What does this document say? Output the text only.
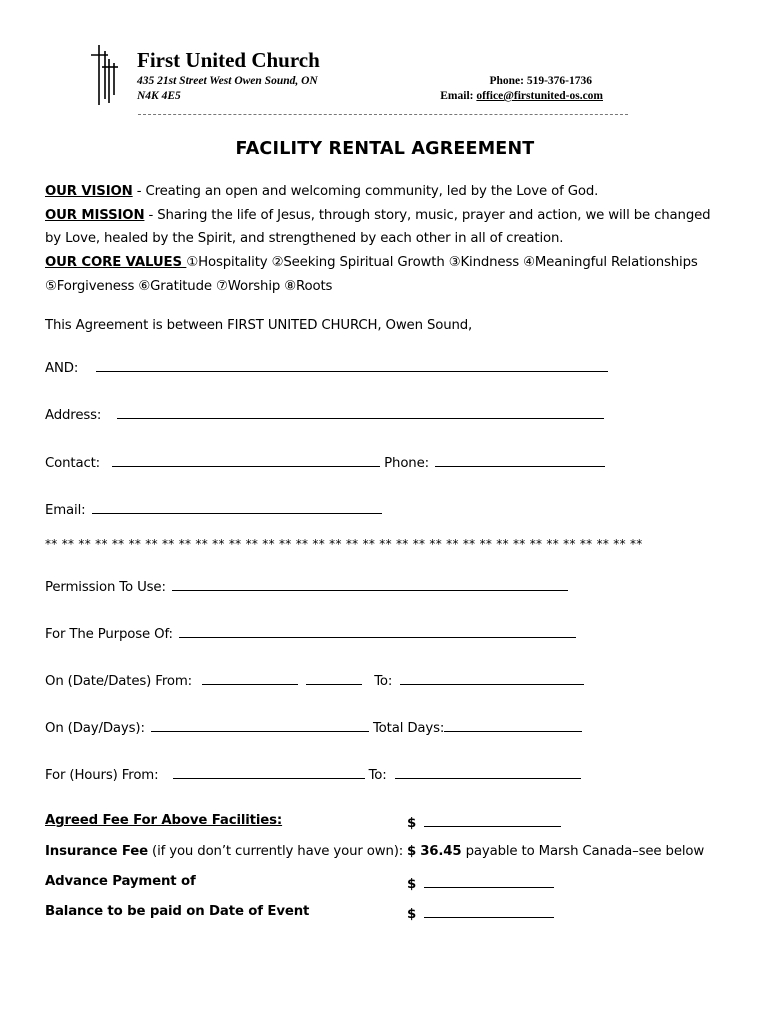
First United Church
435 21st Street West Owen Sound, ON
N4K 4E5
Phone: 519-376-1736
Email: office@firstunited-os.com
FACILITY RENTAL AGREEMENT
OUR VISION - Creating an open and welcoming community, led by the Love of God.
OUR MISSION - Sharing the life of Jesus, through story, music, prayer and action, we will be changed
by Love, healed by the Spirit, and strengthened by each other in all of creation.
OUR CORE VALUES ①Hospitality ②Seeking Spiritual Growth ③Kindness ④Meaningful Relationships
⑤Forgiveness ⑥Gratitude ⑦Worship ⑧Roots
This Agreement is between FIRST UNITED CHURCH, Owen Sound,
AND:
Address:
Contact:	Phone:
Email:
** ** ** ** ** ** ** ** ** ** ** ** ** ** ** ** ** ** ** ** ** ** ** ** ** ** ** ** ** ** ** ** ** ** ** **
Permission To Use:
For The Purpose Of:
On (Date/Dates) From:	To:
On (Day/Days):	Total Days:
For (Hours) From:	To:
Agreed Fee For Above Facilities:	$
Insurance Fee (if you don’t currently have your own): $ 36.45 payable to Marsh Canada–see below
Advance Payment of	$
Balance to be paid on Date of Event	$
